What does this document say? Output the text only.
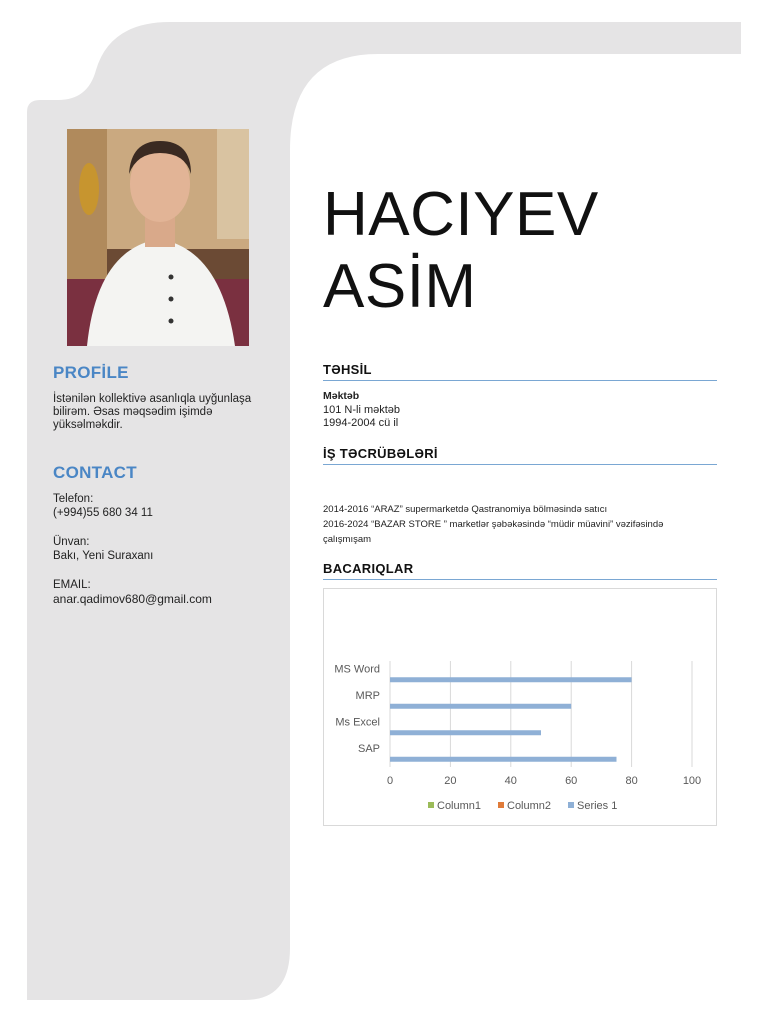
PROFİLE
İstənilən kollektivə asanlıqla uyğunlaşa
bilirəm. Əsas məqsədim işimdə
yüksəlməkdir.
CONTACT
Telefon:
(+994)55 680 34 11
Ünvan:
Bakı, Yeni Suraxanı
EMAIL:
anar.qadimov680@gmail.com
HACIYEV
ASİM
TƏHSİL
Məktəb
101 N-li məktəb
1994-2004 cü il
İŞ TƏCRÜBƏLƏRİ
2014-2016 “ARAZ” supermarketdə Qastranomiya bölməsində satıcı
2016-2024 “BAZAR STORE ” marketlər şəbəkəsində “müdir müavini” vəzifəsində
çalışmışam
BACARIQLAR
0	20	40	60	80	100
MS Word
MRP
Ms Excel
SAP
Column1 Column2 Series 1
